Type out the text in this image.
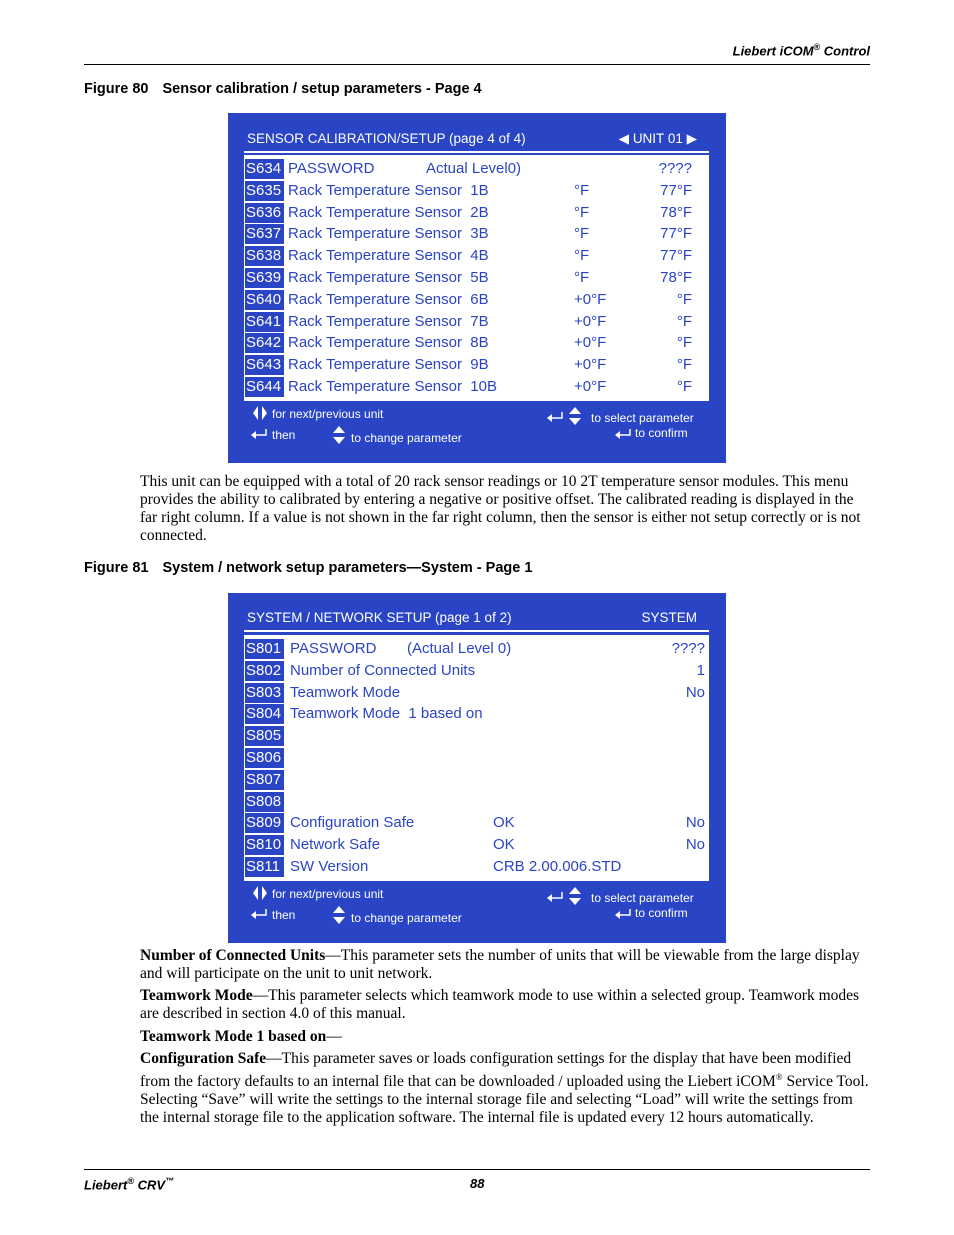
Liebert iCOM® Control
Figure 80 Sensor calibration / setup parameters - Page 4
SENSOR CALIBRATION/SETUP (page 4 of 4)	◀ UNIT 01 ▶
S634 PASSWORD	Actual Level0)	????
S635 Rack Temperature Sensor  1B	°F	77°F
S636 Rack Temperature Sensor  2B	°F	78°F
S637 Rack Temperature Sensor  3B	°F	77°F
S638 Rack Temperature Sensor  4B	°F	77°F
S639 Rack Temperature Sensor  5B	°F	78°F
S640 Rack Temperature Sensor  6B	+0°F	°F
S641 Rack Temperature Sensor  7B	+0°F	°F
S642 Rack Temperature Sensor  8B	+0°F	°F
S643 Rack Temperature Sensor  9B	+0°F	°F
S644 Rack Temperature Sensor  10B	+0°F	°F
for next/previous unit
then	to change parameter
to select parameter
to confirm
This unit can be equipped with a total of 20 rack sensor readings or 10 2T temperature sensor modules. This menu provides the ability to calibrated by entering a negative or positive offset. The calibrated reading is displayed in the far right column. If a value is not shown in the far right column, then the sensor is either not setup correctly or is not connected.
Figure 81 System / network setup parameters—System - Page 1
SYSTEM / NETWORK SETUP (page 1 of 2)	SYSTEM
S801 PASSWORD (Actual Level 0)	????
S802 Number of Connected Units	1
S803 Teamwork Mode	No
S804 Teamwork Mode  1 based on
S805
S806
S807
S808
S809 Configuration Safe	OK	No
S810 Network Safe	OK	No
S811 SW Version	CRB 2.00.006.STD
for next/previous unit
then	to change parameter
to select parameter
to confirm
Number of Connected Units—This parameter sets the number of units that will be viewable from the large display and will participate on the unit to unit network.
Teamwork Mode—This parameter selects which teamwork mode to use within a selected group. Teamwork modes are described in section 4.0 of this manual.
Teamwork Mode 1 based on—
Configuration Safe—This parameter saves or loads configuration settings for the display that have been modified from the factory defaults to an internal file that can be downloaded / uploaded using the Liebert iCOM® Service Tool. Selecting “Save” will write the settings to the internal storage file and selecting “Load” will write the settings from the internal storage file to the application software. The internal file is updated every 12 hours automatically.
Liebert® CRV™	88
